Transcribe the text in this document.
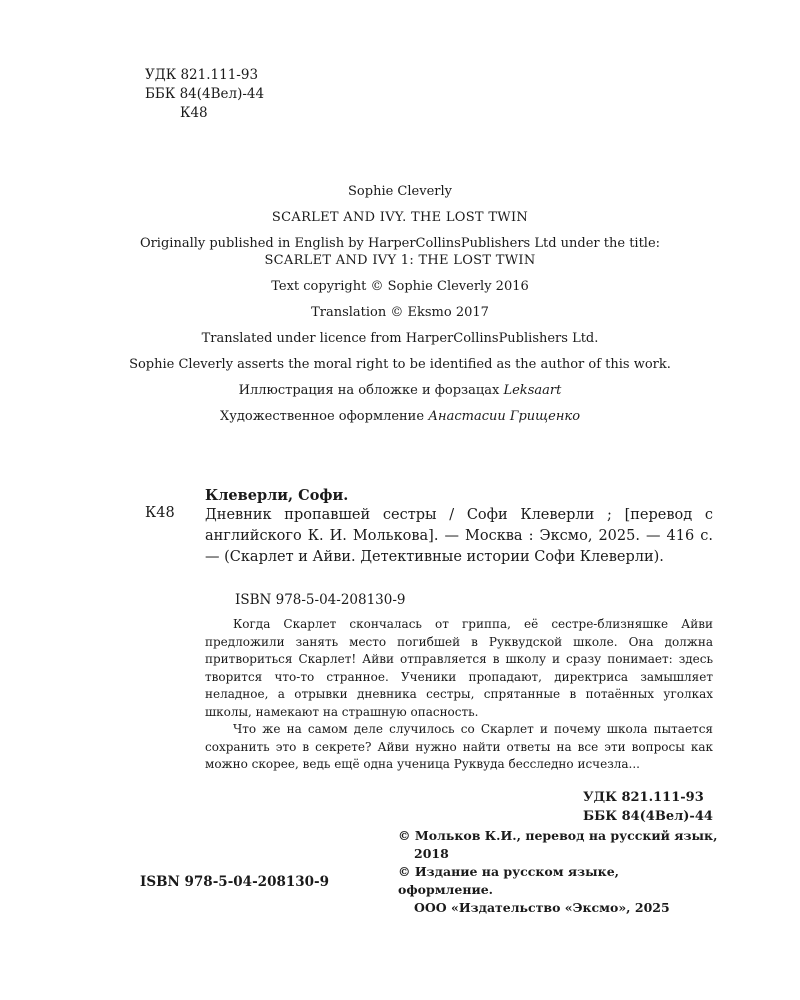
УДК 821.111-93
ББК 84(4Вел)-44
К48
Sophie Cleverly
SCARLET AND IVY. THE LOST TWIN
Originally published in English by HarperCollinsPublishers Ltd under the title:
SCARLET AND IVY 1: THE LOST TWIN
Text copyright © Sophie Cleverly 2016
Translation © Eksmo 2017
Translated under licence from HarperCollinsPublishers Ltd.
Sophie Cleverly asserts the moral right to be identified as the author of this work.
Иллюстрация на обложке и форзацах Leksaart
Художественное оформление Анастасии Грищенко
Клеверли, Софи.
К48 Дневник пропавшей сестры / Софи Клеверли ; [перевод с английского К. И. Молькова]. — Москва : Эксмо, 2025. — 416 с. — (Скарлет и Айви. Детективные истории Софи Клеверли).
ISBN 978-5-04-208130-9

Когда Скарлет скончалась от гриппа, её сестре-близняшке Айви предложили занять место погибшей в Руквудской школе. Она должна притвориться Скарлет! Айви отправляется в школу и сразу понимает: здесь творится что-то странное. Ученики пропадают, директриса замышляет неладное, а отрывки дневника сестры, спрятанные в потаённых уголках школы, намекают на страшную опасность.

Что же на самом деле случилось со Скарлет и почему школа пытается сохранить это в секрете? Айви нужно найти ответы на все эти вопросы как можно скорее, ведь ещё одна ученица Руквуда бесследно исчезла...

УДК 821.111-93
ББК 84(4Вел)-44
© Мольков К.И., перевод на русский язык,
2018
© Издание на русском языке, оформление.
ООО «Издательство «Эксмо», 2025
ISBN 978-5-04-208130-9
